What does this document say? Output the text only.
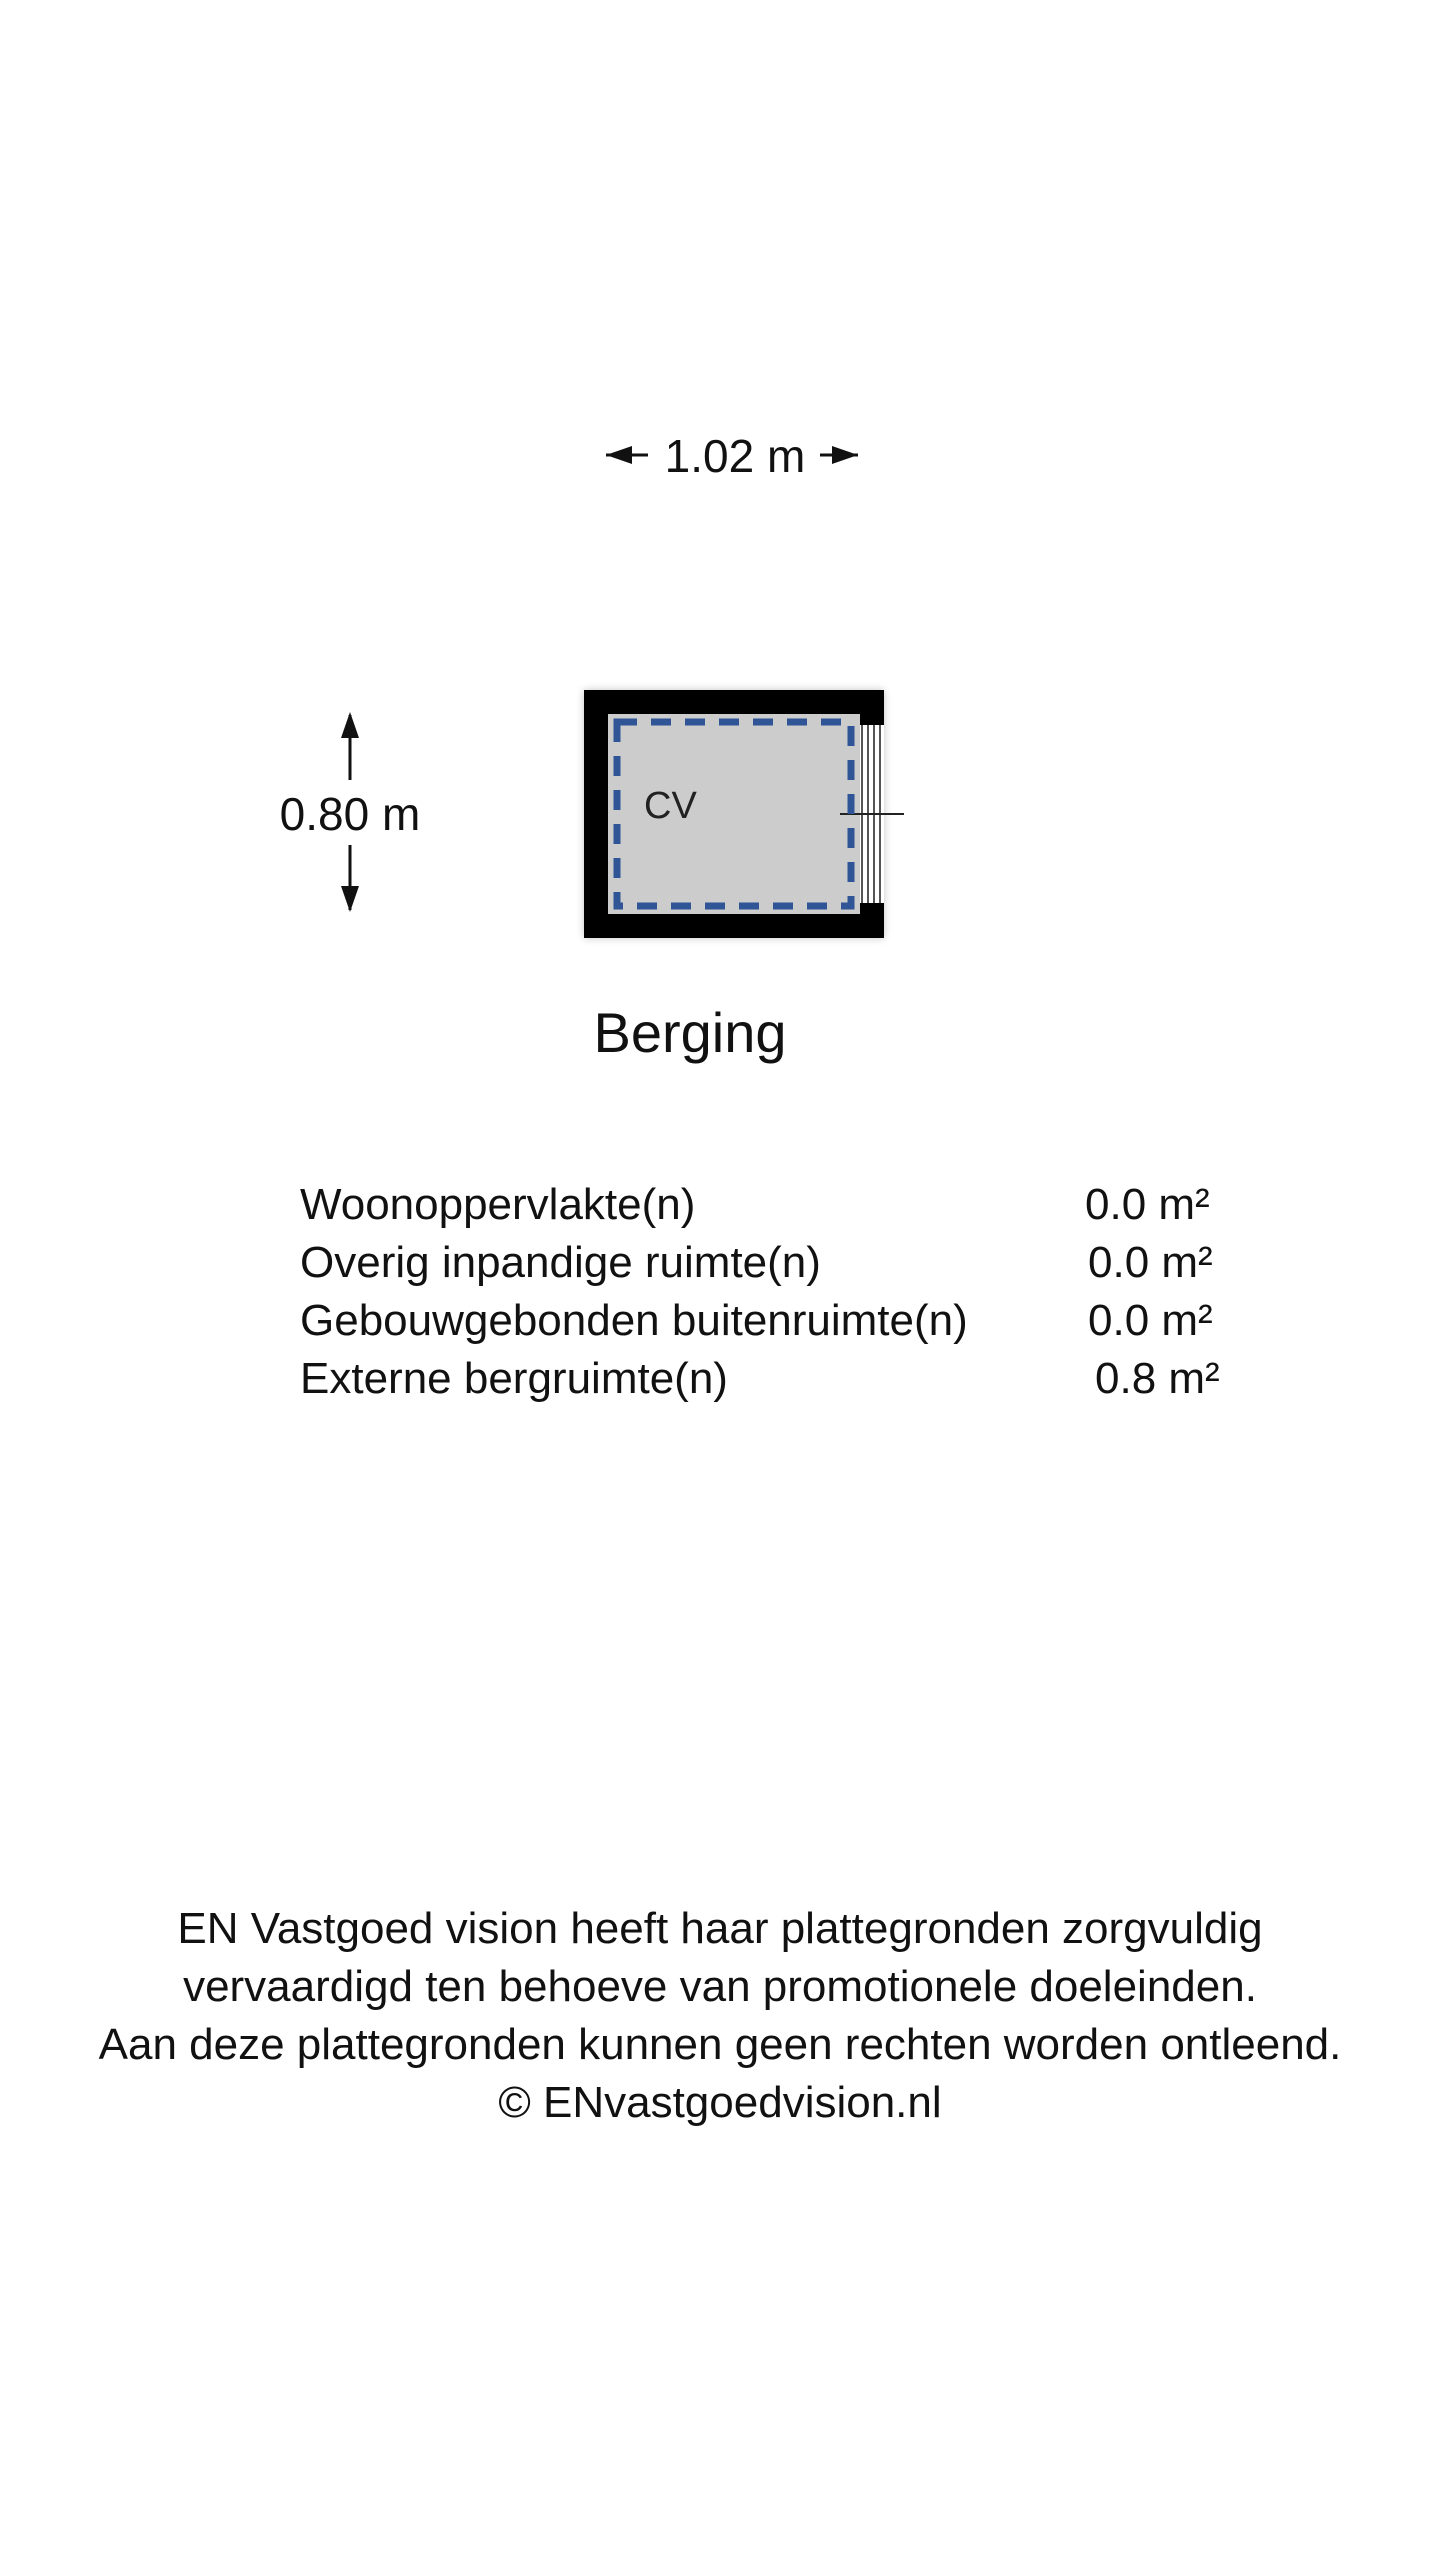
1.02 m
0.80 m	CV
Berging
Woonoppervlakte(n)	0.0 m²
Overig inpandige ruimte(n)	0.0 m²
Gebouwgebonden buitenruimte(n)	0.0 m²
Externe bergruimte(n)	0.8 m²
EN Vastgoed vision heeft haar plattegronden zorgvuldig
vervaardigd ten behoeve van promotionele doeleinden.
Aan deze plattegronden kunnen geen rechten worden ontleend.
© ENvastgoedvision.nl
